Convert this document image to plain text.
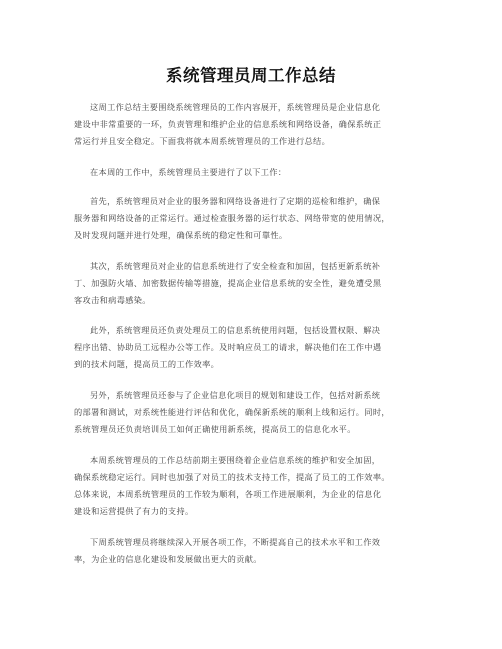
系统管理员周工作总结
这周工作总结主要围绕系统管理员的工作内容展开，系统管理员是企业信息化
建设中非常重要的一环，负责管理和维护企业的信息系统和网络设备，确保系统正
常运行并且安全稳定。下面我将就本周系统管理员的工作进行总结。
在本周的工作中，系统管理员主要进行了以下工作：
首先，系统管理员对企业的服务器和网络设备进行了定期的巡检和维护，确保
服务器和网络设备的正常运行。通过检查服务器的运行状态、网络带宽的使用情况，
及时发现问题并进行处理，确保系统的稳定性和可靠性。
其次，系统管理员对企业的信息系统进行了安全检查和加固，包括更新系统补
丁、加强防火墙、加密数据传输等措施，提高企业信息系统的安全性，避免遭受黑
客攻击和病毒感染。
此外，系统管理员还负责处理员工的信息系统使用问题，包括设置权限、解决
程序出错、协助员工远程办公等工作。及时响应员工的请求，解决他们在工作中遇
到的技术问题，提高员工的工作效率。
另外，系统管理员还参与了企业信息化项目的规划和建设工作，包括对新系统
的部署和测试，对系统性能进行评估和优化，确保新系统的顺利上线和运行。同时，
系统管理员还负责培训员工如何正确使用新系统，提高员工的信息化水平。
本周系统管理员的工作总结前期主要围绕着企业信息系统的维护和安全加固，
确保系统稳定运行。同时也加强了对员工的技术支持工作，提高了员工的工作效率。
总体来说，本周系统管理员的工作较为顺利，各项工作进展顺利，为企业的信息化
建设和运营提供了有力的支持。
下周系统管理员将继续深入开展各项工作，不断提高自己的技术水平和工作效
率，为企业的信息化建设和发展做出更大的贡献。
